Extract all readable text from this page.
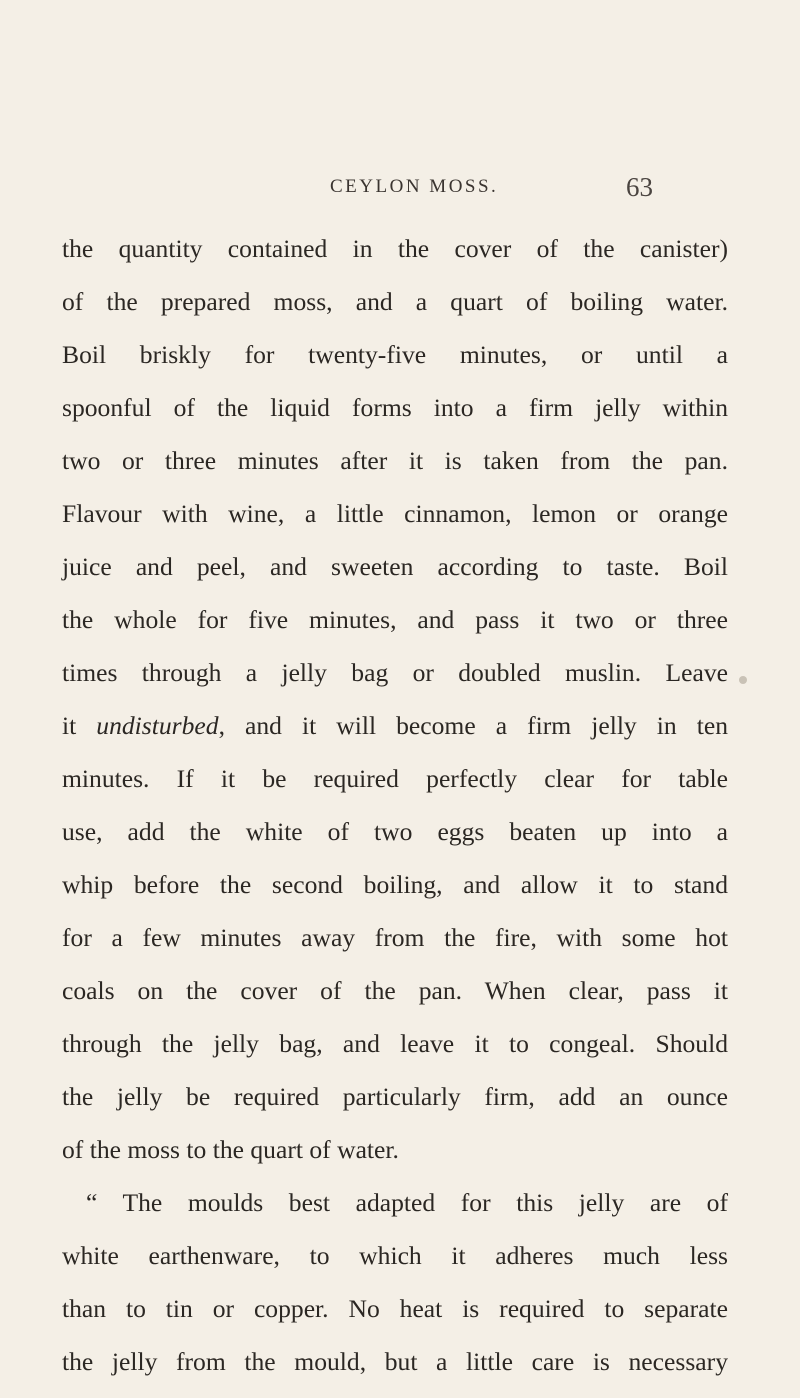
CEYLON MOSS.	63
the quantity contained in the cover of the canister)
of the prepared moss, and a quart of boiling water.
Boil briskly for twenty-five minutes, or until a
spoonful of the liquid forms into a firm jelly within
two or three minutes after it is taken from the pan.
Flavour with wine, a little cinnamon, lemon or orange
juice and peel, and sweeten according to taste. Boil
the whole for five minutes, and pass it two or three
times through a jelly bag or doubled muslin. Leave
it undisturbed, and it will become a firm jelly in ten
minutes. If it be required perfectly clear for table
use, add the white of two eggs beaten up into a
whip before the second boiling, and allow it to stand
for a few minutes away from the fire, with some hot
coals on the cover of the pan. When clear, pass it
through the jelly bag, and leave it to congeal. Should
the jelly be required particularly firm, add an ounce
of the moss to the quart of water.
“ The moulds best adapted for this jelly are of
white earthenware, to which it adheres much less
than to tin or copper. No heat is required to separate
the jelly from the mould, but a little care is necessary
